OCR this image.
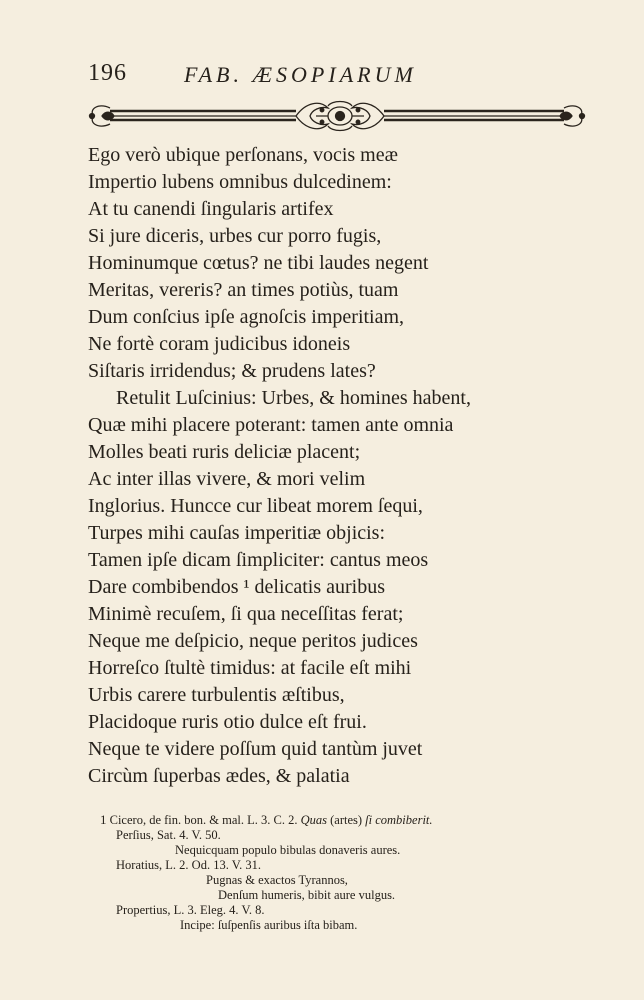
196	FAB. ÆSOPIARUM
Ego verò ubique perſonans, vocis meæ
Impertio lubens omnibus dulcedinem:
At tu canendi ſingularis artifex
Si jure diceris, urbes cur porro fugis,
Hominumque cœtus? ne tibi laudes negent
Meritas, vereris? an times potiùs, tuam
Dum conſcius ipſe agnoſcis imperitiam,
Ne fortè coram judicibus idoneis
Siſtaris irridendus; & prudens lates?
Retulit Luſcinius: Urbes, & homines habent,
Quæ mihi placere poterant: tamen ante omnia
Molles beati ruris deliciæ placent;
Ac inter illas vivere, & mori velim
Inglorius. Huncce cur libeat morem ſequi,
Turpes mihi cauſas imperitiæ objicis:
Tamen ipſe dicam ſimpliciter: cantus meos
Dare combibendos ¹ delicatis auribus
Minimè recuſem, ſi qua neceſſitas ferat;
Neque me deſpicio, neque peritos judices
Horreſco ſtultè timidus: at facile eſt mihi
Urbis carere turbulentis æſtibus,
Placidoque ruris otio dulce eſt frui.
Neque te videre poſſum quid tantùm juvet
Circùm ſuperbas ædes, & palatia
1 Cicero, de fin. bon. & mal. L. 3. C. 2. Quas (artes) ſi combiberit.
Perſius, Sat. 4. V. 50.
Nequicquam populo bibulas donaveris aures.
Horatius, L. 2. Od. 13. V. 31.
Pugnas & exactos Tyrannos,
Denſum humeris, bibit aure vulgus.
Propertius, L. 3. Eleg. 4. V. 8.
Incipe: ſuſpenſis auribus iſta bibam.
